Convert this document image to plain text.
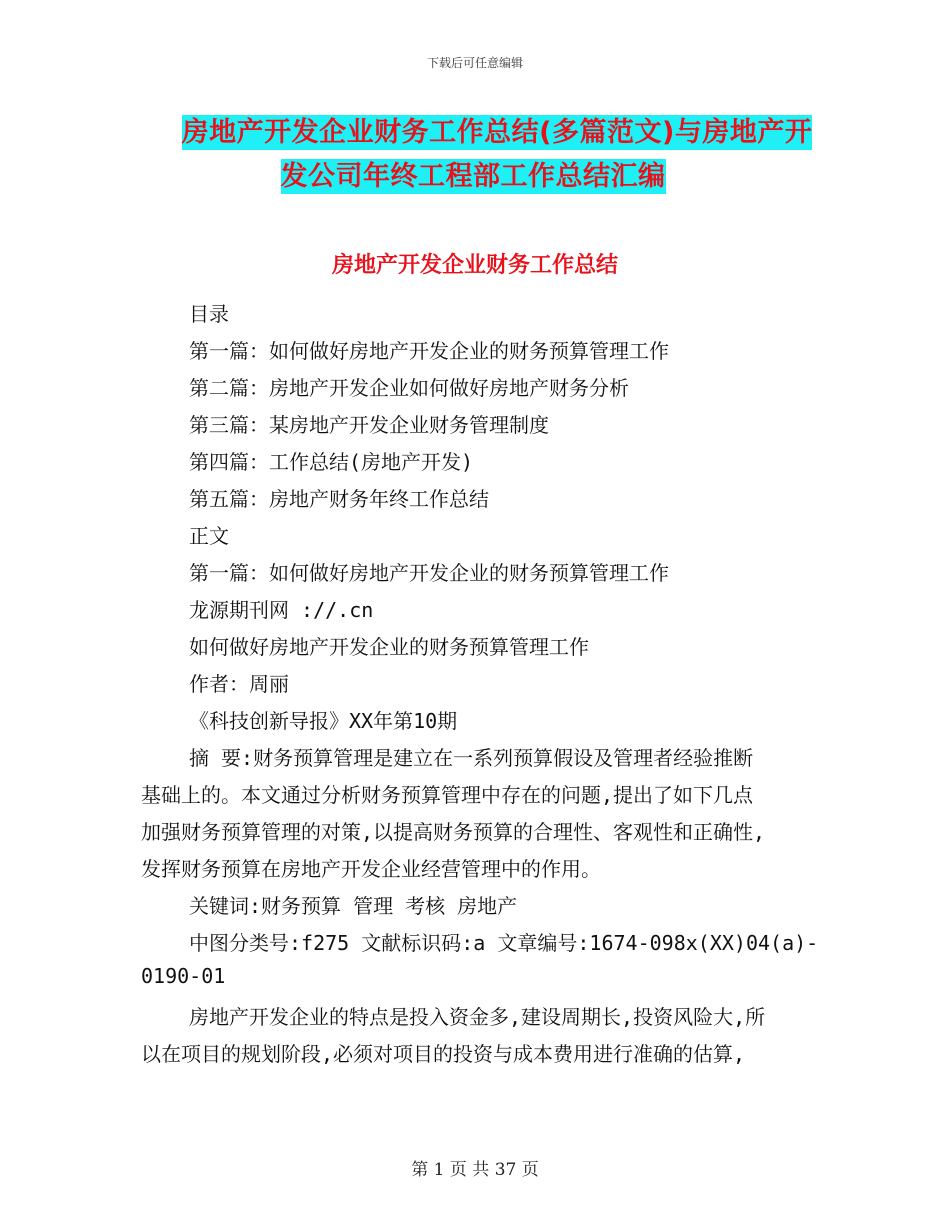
下载后可任意编辑
房地产开发企业财务工作总结(多篇范文)与房地产开
发公司年终工程部工作总结汇编
房地产开发企业财务工作总结
目录
第一篇：如何做好房地产开发企业的财务预算管理工作
第二篇：房地产开发企业如何做好房地产财务分析
第三篇：某房地产开发企业财务管理制度
第四篇：工作总结(房地产开发)
第五篇：房地产财务年终工作总结
正文
第一篇：如何做好房地产开发企业的财务预算管理工作
龙源期刊网 ://.cn
如何做好房地产开发企业的财务预算管理工作
作者：周丽
《科技创新导报》XX年第10期
摘 要:财务预算管理是建立在一系列预算假设及管理者经验推断
基础上的。本文通过分析财务预算管理中存在的问题,提出了如下几点
加强财务预算管理的对策,以提高财务预算的合理性、客观性和正确性,
发挥财务预算在房地产开发企业经营管理中的作用。
关键词:财务预算 管理 考核 房地产
中图分类号:f275 文献标识码:a 文章编号:1674-098x(XX)04(a)-
0190-01
房地产开发企业的特点是投入资金多,建设周期长,投资风险大,所
以在项目的规划阶段,必须对项目的投资与成本费用进行准确的估算,
第 1 页 共 37 页
